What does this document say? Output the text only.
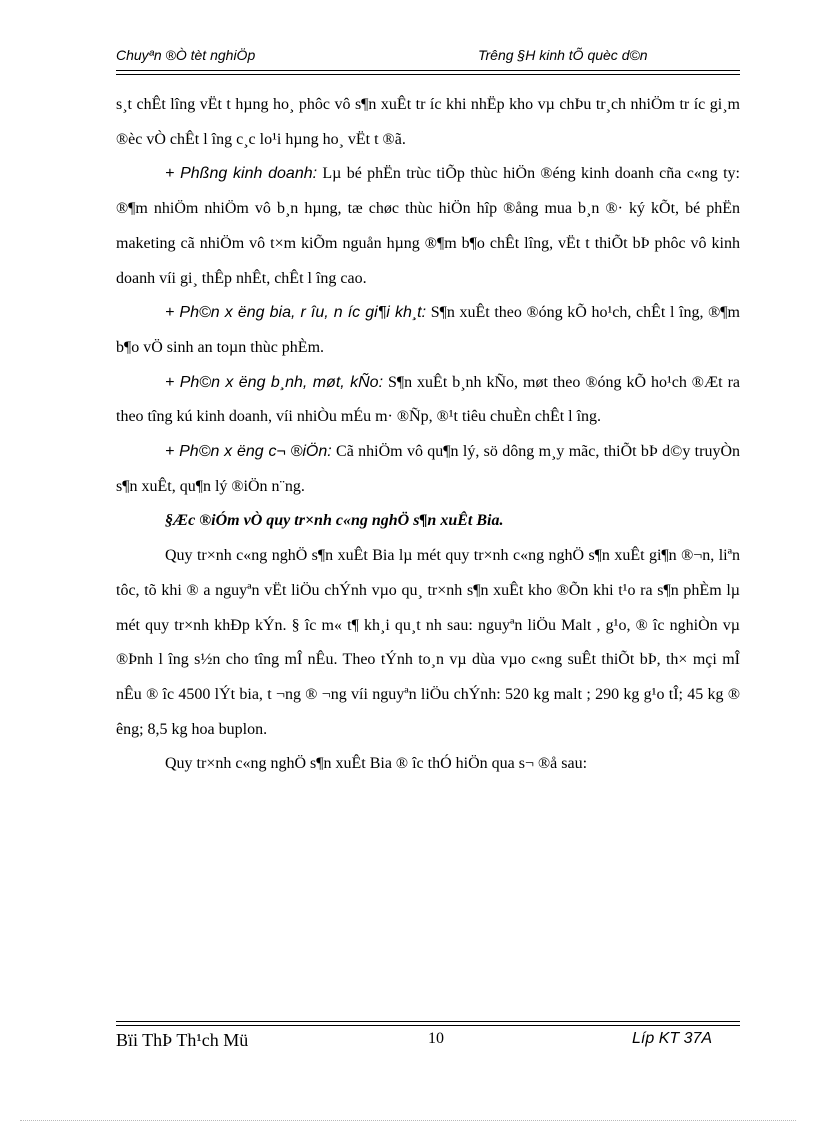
Chuyªn ®Ò tèt nghiÖp	Trêng §H kinh tÕ quèc d©n

s¸t chÊt lîng vËt t hµng ho¸ phôc vô s¶n xuÊt tr íc khi nhËp kho vµ chÞu tr¸ch nhiÖm tr íc gi¸m ®èc vÒ chÊt l îng c¸c lo¹i hµng ho¸ vËt t ®ã.

+ Phßng kinh doanh: Lµ bé phËn trùc tiÕp thùc hiÖn ®éng kinh doanh cña c«ng ty: ®¶m nhiÖm nhiÖm vô b¸n hµng, tæ chøc thùc hiÖn hîp ®ång mua b¸n ®· ký kÕt, bé phËn maketing cã nhiÖm vô t×m kiÕm nguån hµng ®¶m b¶o chÊt lîng, vËt t thiÕt bÞ phôc vô kinh doanh víi gi¸ thÊp nhÊt, chÊt l îng cao.

+ Ph©n x ëng bia, r îu, n íc gi¶i kh¸t: S¶n xuÊt theo ®óng kÕ ho¹ch, chÊt l îng, ®¶m b¶o vÖ sinh an toµn thùc phÈm.

+ Ph©n x ëng b¸nh, møt, kÑo: S¶n xuÊt b¸nh kÑo, møt theo ®óng kÕ ho¹ch ®Æt ra theo tîng kú kinh doanh, víi nhiÒu mÉu m· ®Ñp, ®¹t tiêu chuÈn chÊt l îng.

+ Ph©n x ëng c¬ ®iÖn: Cã nhiÖm vô qu¶n lý, sö dông m¸y mãc, thiÕt bÞ d©y truyÒn s¶n xuÊt, qu¶n lý ®iÖn n¨ng.

§Æc ®iÓm vÒ quy tr×nh c«ng nghÖ s¶n xuÊt Bia.

Quy tr×nh c«ng nghÖ s¶n xuÊt Bia lµ mét quy tr×nh c«ng nghÖ s¶n xuÊt gi¶n ®¬n, liªn tôc, tõ khi ® a nguyªn vËt liÖu chÝnh vµo qu¸ tr×nh s¶n xuÊt kho ®Õn khi t¹o ra s¶n phÈm lµ mét quy tr×nh khÐp kÝn. § îc m« t¶ kh¸i qu¸t nh sau: nguyªn liÖu Malt , g¹o, ® îc nghiÒn vµ ®Þnh l îng s½n cho tîng mÎ nÊu. Theo tÝnh to¸n vµ dùa vµo c«ng suÊt thiÕt bÞ, th× mçi mÎ nÊu ® îc 4500 lÝt bia, t ¬ng ® ¬ng víi nguyªn liÖu chÝnh: 520 kg malt ; 290 kg g¹o tÎ; 45 kg ® êng; 8,5 kg hoa buplon.

Quy tr×nh c«ng nghÖ s¶n xuÊt Bia ® îc thÓ hiÖn qua s¬ ®å sau:

Bïi ThÞ Th¹ch Mü	10	Líp KT 37A
